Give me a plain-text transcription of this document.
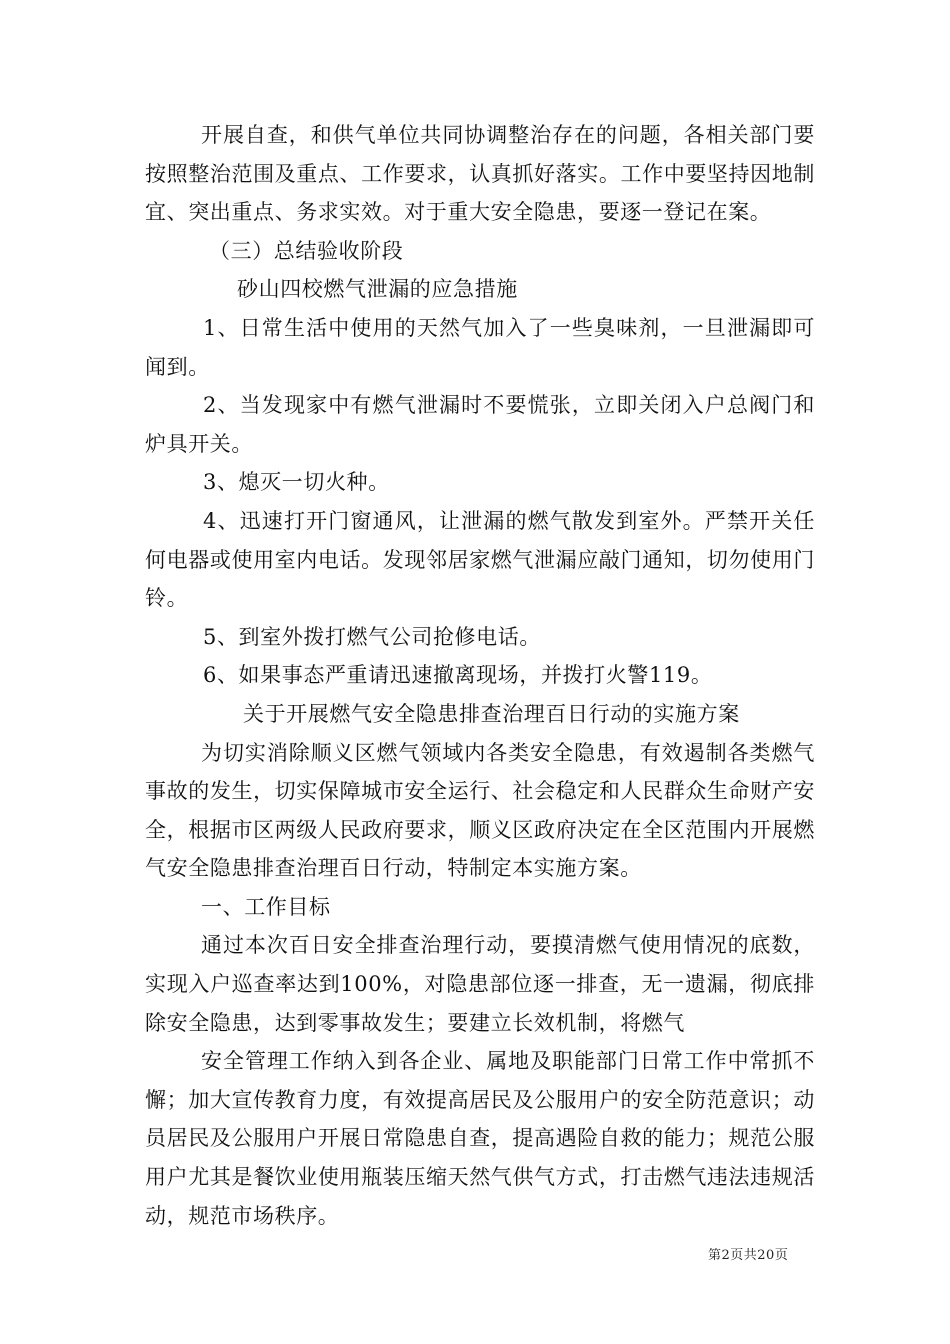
开展自查，和供气单位共同协调整治存在的问题，各相关部门要按照整治范围及重点、工作要求，认真抓好落实。工作中要坚持因地制宜、突出重点、务求实效。对于重大安全隐患，要逐一登记在案。

（三）总结验收阶段

砂山四校燃气泄漏的应急措施

1、日常生活中使用的天然气加入了一些臭味剂，一旦泄漏即可闻到。

2、当发现家中有燃气泄漏时不要慌张，立即关闭入户总阀门和炉具开关。

3、熄灭一切火种。

4、迅速打开门窗通风，让泄漏的燃气散发到室外。严禁开关任何电器或使用室内电话。发现邻居家燃气泄漏应敲门通知，切勿使用门铃。

5、到室外拨打燃气公司抢修电话。

6、如果事态严重请迅速撤离现场，并拨打火警119。

关于开展燃气安全隐患排查治理百日行动的实施方案

为切实消除顺义区燃气领域内各类安全隐患，有效遏制各类燃气事故的发生，切实保障城市安全运行、社会稳定和人民群众生命财产安全，根据市区两级人民政府要求，顺义区政府决定在全区范围内开展燃气安全隐患排查治理百日行动，特制定本实施方案。

一、工作目标

通过本次百日安全排查治理行动，要摸清燃气使用情况的底数，实现入户巡查率达到100%，对隐患部位逐一排查，无一遗漏，彻底排除安全隐患，达到零事故发生；要建立长效机制，将燃气

安全管理工作纳入到各企业、属地及职能部门日常工作中常抓不懈；加大宣传教育力度，有效提高居民及公服用户的安全防范意识；动员居民及公服用户开展日常隐患自查，提高遇险自救的能力；规范公服用户尤其是餐饮业使用瓶装压缩天然气供气方式，打击燃气违法违规活动，规范市场秩序。

第2页共20页
